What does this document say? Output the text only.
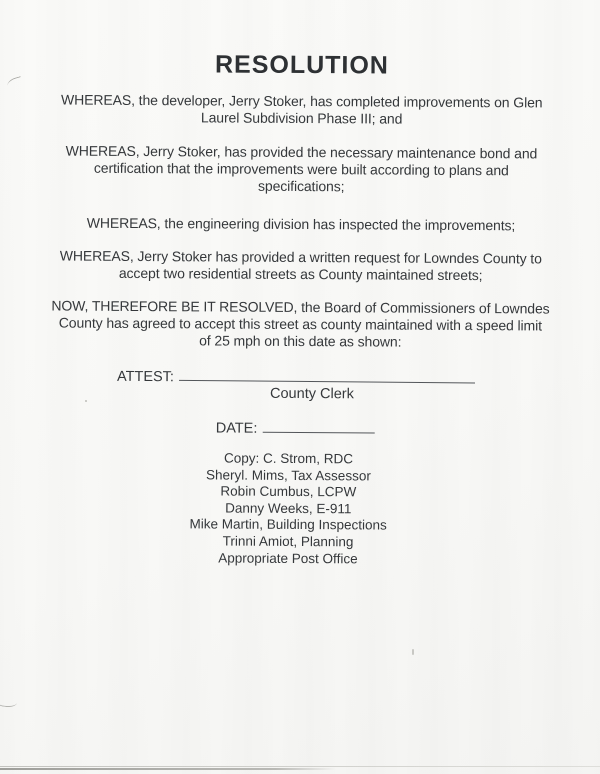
RESOLUTION
WHEREAS, the developer, Jerry Stoker, has completed improvements on Glen
Laurel Subdivision Phase III; and
WHEREAS, Jerry Stoker, has provided the necessary maintenance bond and
certification that the improvements were built according to plans and
specifications;
WHEREAS, the engineering division has inspected the improvements;
WHEREAS, Jerry Stoker has provided a written request for Lowndes County to
accept two residential streets as County maintained streets;
NOW, THEREFORE BE IT RESOLVED, the Board of Commissioners of Lowndes
County has agreed to accept this street as county maintained with a speed limit
of 25 mph on this date as shown:
ATTEST:
County Clerk
DATE:
Copy: C. Strom, RDC
Sheryl. Mims, Tax Assessor
Robin Cumbus, LCPW
Danny Weeks, E-911
Mike Martin, Building Inspections
Trinni Amiot, Planning
Appropriate Post Office
